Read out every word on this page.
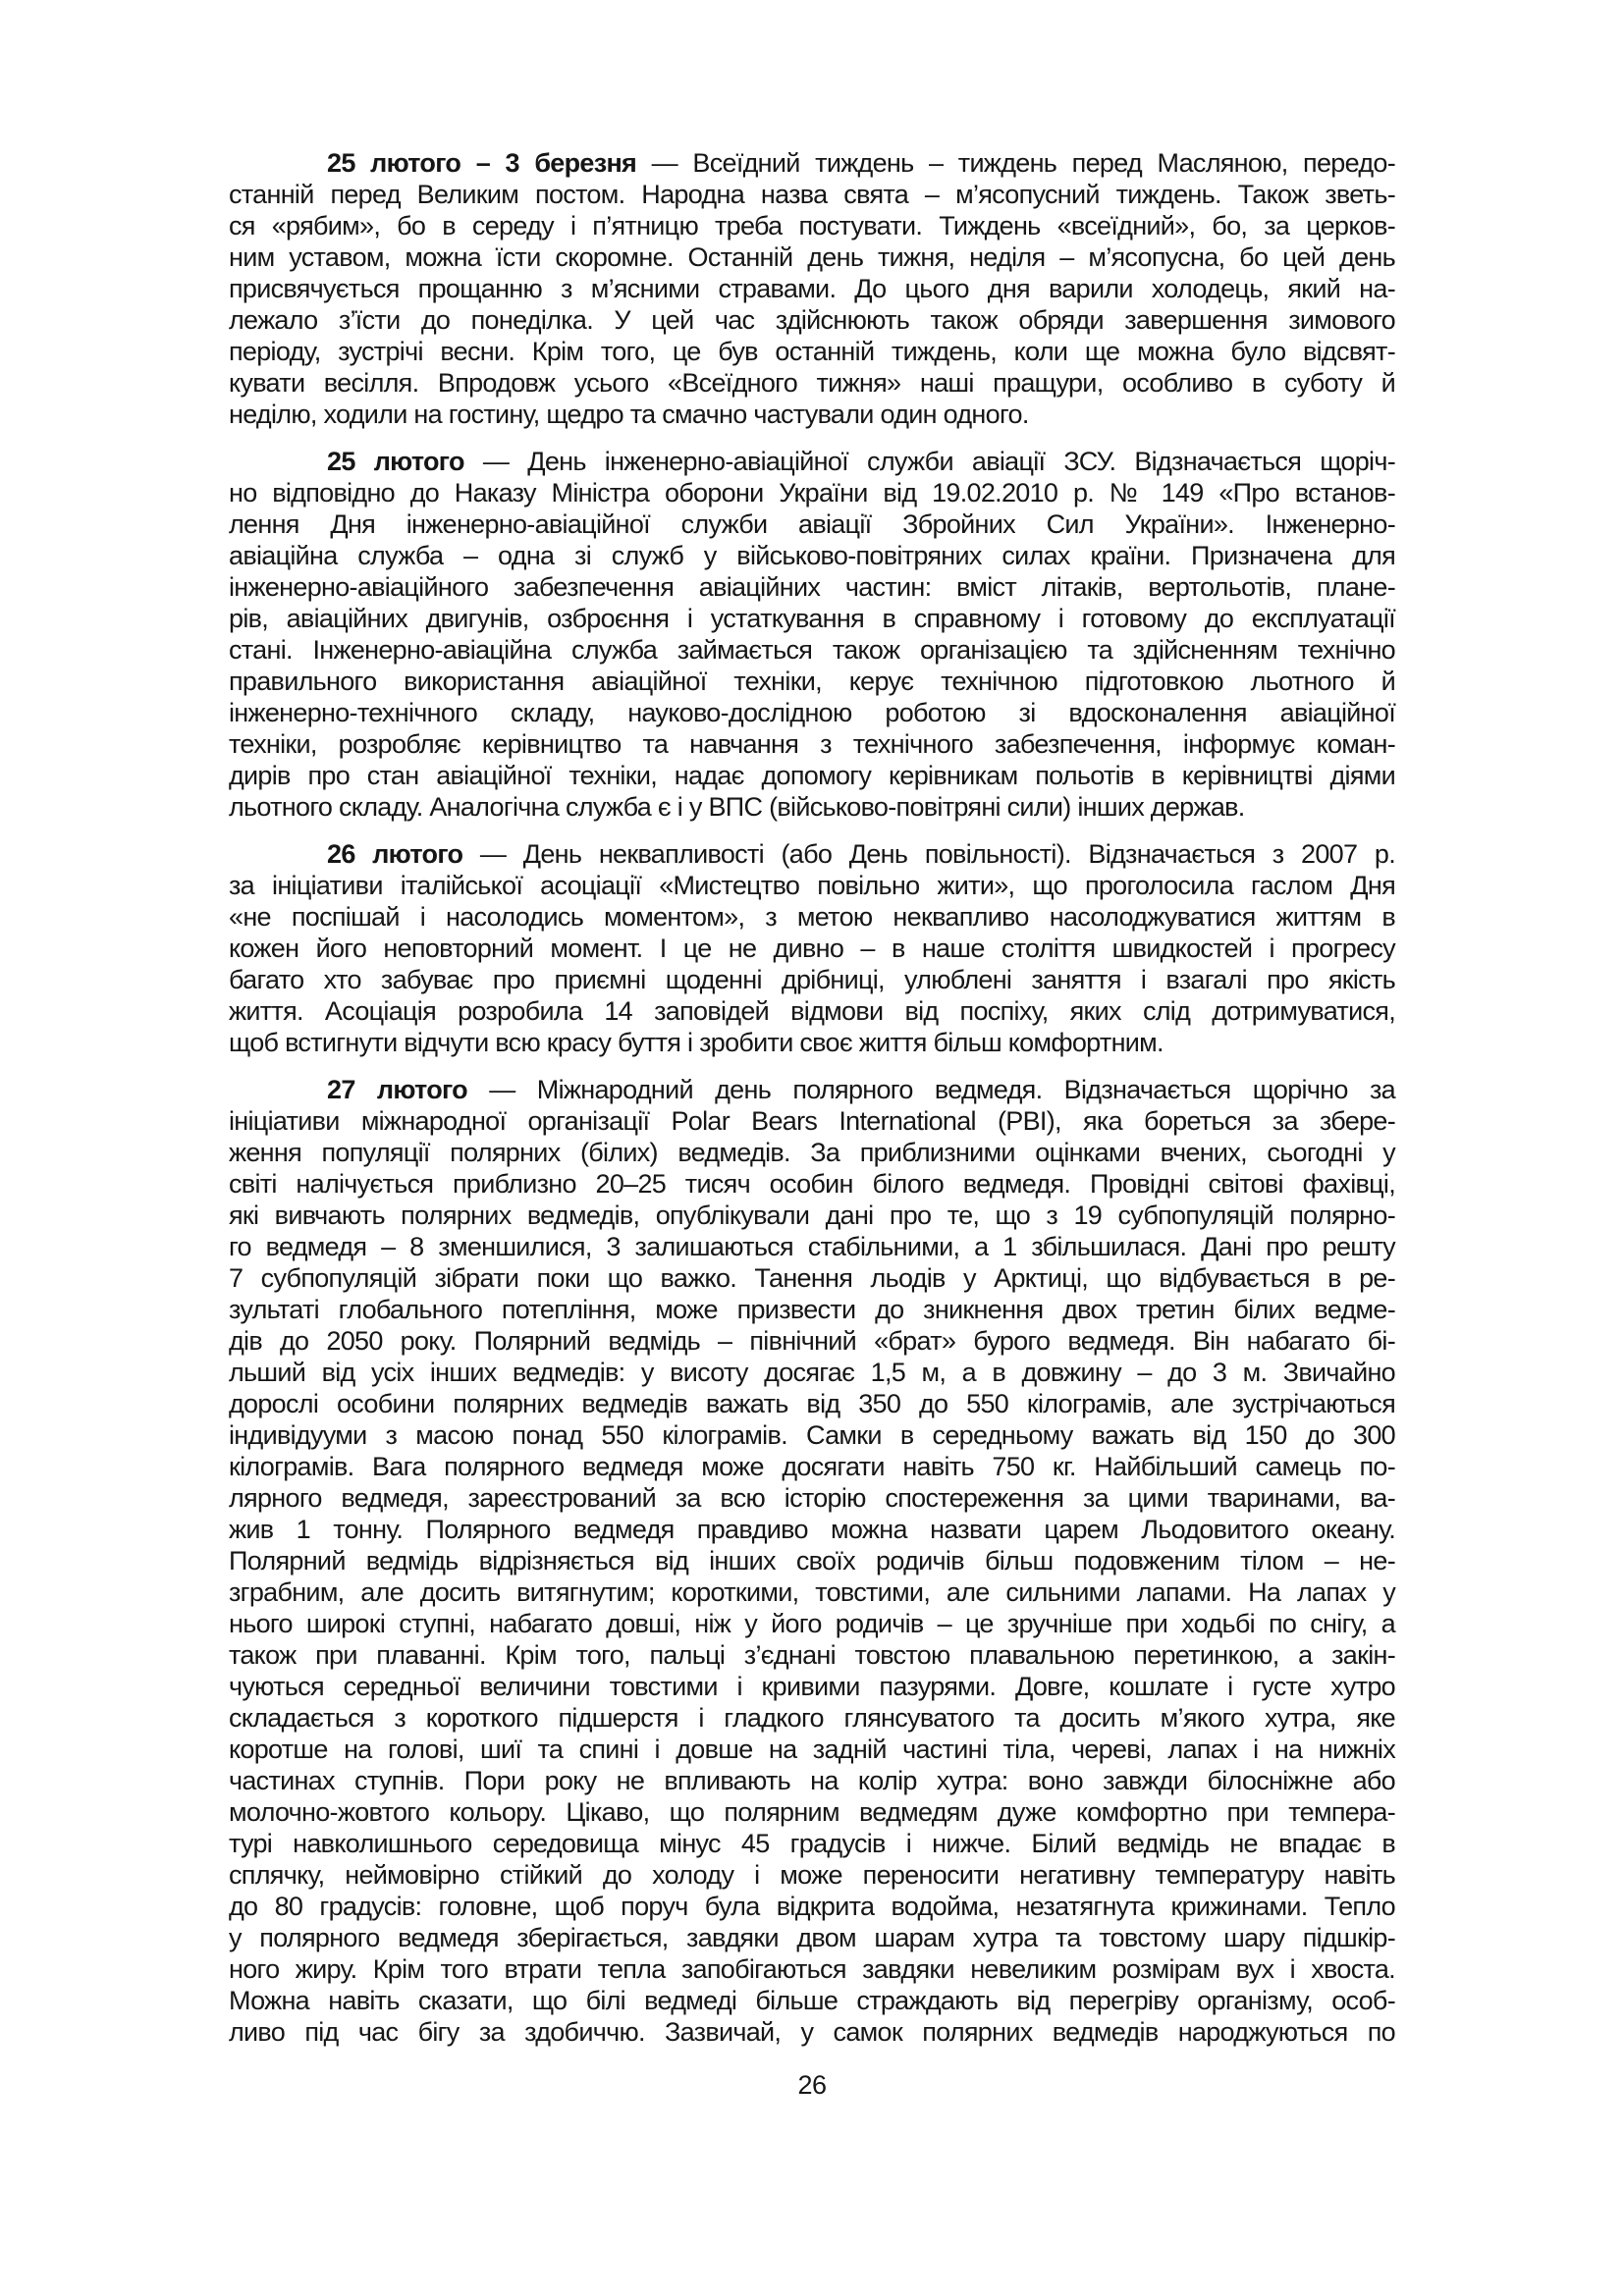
25 лютого – 3 березня — Всеїдний тиждень – тиждень перед Масляною, передо-
станній перед Великим постом. Народна назва свята – м’ясопусний тиждень. Також зветь-
ся «рябим», бо в середу і п’ятницю треба постувати. Тиждень «всеїдний», бо, за церков-
ним уставом, можна їсти скоромне. Останній день тижня, неділя – м’ясопусна, бо цей день
присвячується прощанню з м’ясними стравами. До цього дня варили холодець, який на-
лежало з’їсти до понеділка. У цей час здійснюють також обряди завершення зимового
періоду, зустрічі весни. Крім того, це був останній тиждень, коли ще можна було відсвят-
кувати весілля. Впродовж усього «Всеїдного тижня» наші пращури, особливо в суботу й
неділю, ходили на гостину, щедро та смачно частували один одного.
25 лютого — День інженерно-авіаційної служби авіації ЗСУ. Відзначається щоріч-
но відповідно до Наказу Міністра оборони України від 19.02.2010 р. № 149 «Про встанов-
лення Дня інженерно-авіаційної служби авіації Збройних Сил України». Інженерно-
авіаційна служба – одна зі служб у військово-повітряних силах країни. Призначена для
інженерно-авіаційного забезпечення авіаційних частин: вміст літаків, вертольотів, плане-
рів, авіаційних двигунів, озброєння і устаткування в справному і готовому до експлуатації
стані. Інженерно-авіаційна служба займається також організацією та здійсненням технічно
правильного використання авіаційної техніки, керує технічною підготовкою льотного й
інженерно-технічного складу, науково-дослідною роботою зі вдосконалення авіаційної
техніки, розробляє керівництво та навчання з технічного забезпечення, інформує коман-
дирів про стан авіаційної техніки, надає допомогу керівникам польотів в керівництві діями
льотного складу. Аналогічна служба є і у ВПС (військово-повітряні сили) інших держав.
26 лютого — День неквапливості (або День повільності). Відзначається з 2007 р.
за ініціативи італійської асоціації «Мистецтво повільно жити», що проголосила гаслом Дня
«не поспішай і насолодись моментом», з метою неквапливо насолоджуватися життям в
кожен його неповторний момент. І це не дивно – в наше століття швидкостей і прогресу
багато хто забуває про приємні щоденні дрібниці, улюблені заняття і взагалі про якість
життя. Асоціація розробила 14 заповідей відмови від поспіху, яких слід дотримуватися,
щоб встигнути відчути всю красу буття і зробити своє життя більш комфортним.
27 лютого — Міжнародний день полярного ведмедя. Відзначається щорічно за
ініціативи міжнародної організації Polar Bears International (PBI), яка бореться за збере-
ження популяції полярних (білих) ведмедів. За приблизними оцінками вчених, сьогодні у
світі налічується приблизно 20–25 тисяч особин білого ведмедя. Провідні світові фахівці,
які вивчають полярних ведмедів, опублікували дані про те, що з 19 субпопуляцій полярно-
го ведмедя – 8 зменшилися, 3 залишаються стабільними, а 1 збільшилася. Дані про решту
7 субпопуляцій зібрати поки що важко. Танення льодів у Арктиці, що відбувається в ре-
зультаті глобального потепління, може призвести до зникнення двох третин білих ведме-
дів до 2050 року. Полярний ведмідь – північний «брат» бурого ведмедя. Він набагато бі-
льший від усіх інших ведмедів: у висоту досягає 1,5 м, а в довжину – до 3 м. Звичайно
дорослі особини полярних ведмедів важать від 350 до 550 кілограмів, але зустрічаються
індивідууми з масою понад 550 кілограмів. Самки в середньому важать від 150 до 300
кілограмів. Вага полярного ведмедя може досягати навіть 750 кг. Найбільший самець по-
лярного ведмедя, зареєстрований за всю історію спостереження за цими тваринами, ва-
жив 1 тонну. Полярного ведмедя правдиво можна назвати царем Льодовитого океану.
Полярний ведмідь відрізняється від інших своїх родичів більш подовженим тілом – не-
зграбним, але досить витягнутим; короткими, товстими, але сильними лапами. На лапах у
нього широкі ступні, набагато довші, ніж у його родичів – це зручніше при ходьбі по снігу, а
також при плаванні. Крім того, пальці з’єднані товстою плавальною перетинкою, а закін-
чуються середньої величини товстими і кривими пазурями. Довге, кошлате і густе хутро
складається з короткого підшерстя і гладкого глянсуватого та досить м’якого хутра, яке
коротше на голові, шиї та спині і довше на задній частині тіла, череві, лапах і на нижніх
частинах ступнів. Пори року не впливають на колір хутра: воно завжди білосніжне або
молочно-жовтого кольору. Цікаво, що полярним ведмедям дуже комфортно при темпера-
турі навколишнього середовища мінус 45 градусів і нижче. Білий ведмідь не впадає в
сплячку, неймовірно стійкий до холоду і може переносити негативну температуру навіть
до 80 градусів: головне, щоб поруч була відкрита водойма, незатягнута крижинами. Тепло
у полярного ведмедя зберігається, завдяки двом шарам хутра та товстому шару підшкір-
ного жиру. Крім того втрати тепла запобігаються завдяки невеликим розмірам вух і хвоста.
Можна навіть сказати, що білі ведмеді більше страждають від перегріву організму, особ-
ливо під час бігу за здобиччю. Зазвичай, у самок полярних ведмедів народжуються по
26
